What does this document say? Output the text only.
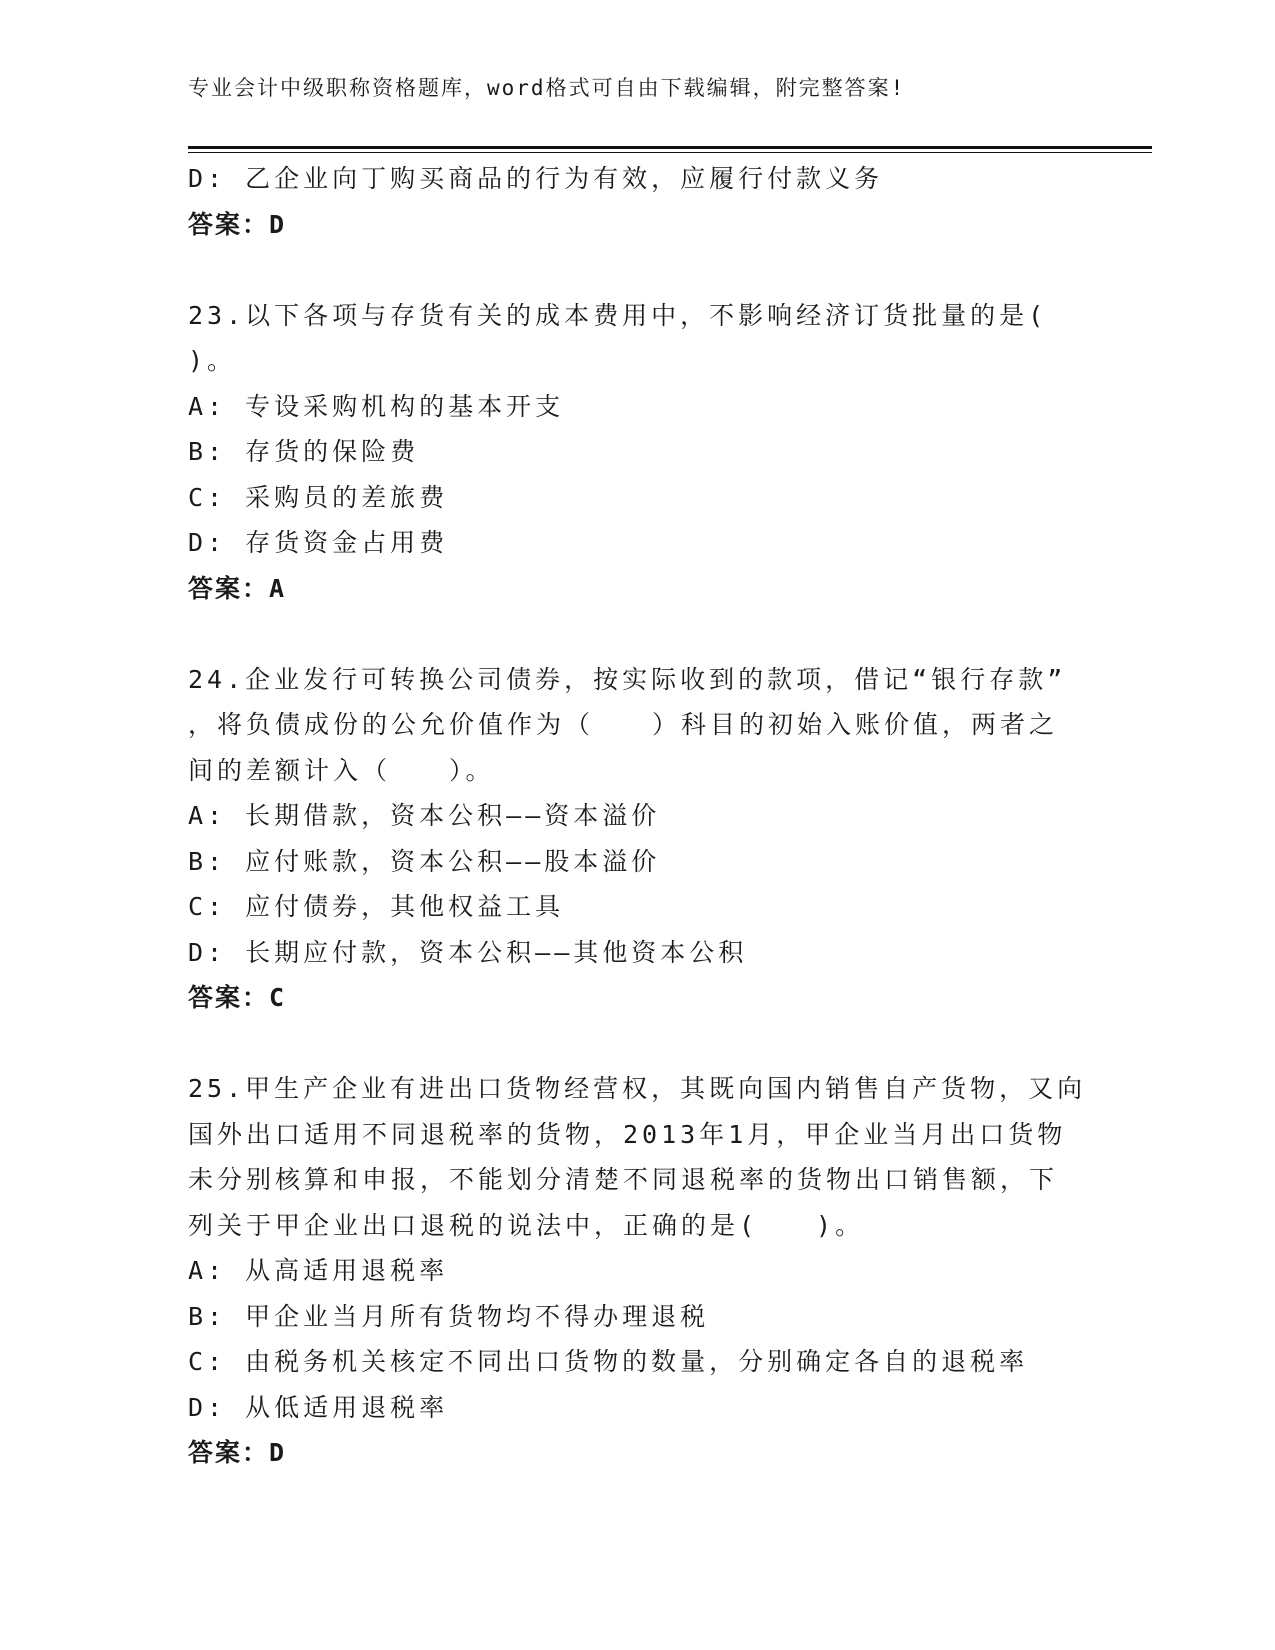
专业会计中级职称资格题库，word格式可自由下载编辑，附完整答案!
D: 乙企业向丁购买商品的行为有效，应履行付款义务
答案：D
23.以下各项与存货有关的成本费用中，不影响经济订货批量的是(
)。
A: 专设采购机构的基本开支
B: 存货的保险费
C: 采购员的差旅费
D: 存货资金占用费
答案：A
24.企业发行可转换公司债券，按实际收到的款项，借记“银行存款”
，将负债成份的公允价值作为（　　）科目的初始入账价值，两者之
间的差额计入（　　）。
A: 长期借款，资本公积——资本溢价
B: 应付账款，资本公积——股本溢价
C: 应付债券，其他权益工具
D: 长期应付款，资本公积——其他资本公积
答案：C
25.甲生产企业有进出口货物经营权，其既向国内销售自产货物，又向
国外出口适用不同退税率的货物，2013年1月，甲企业当月出口货物
未分别核算和申报，不能划分清楚不同退税率的货物出口销售额，下
列关于甲企业出口退税的说法中，正确的是(　　)。
A: 从高适用退税率
B: 甲企业当月所有货物均不得办理退税
C: 由税务机关核定不同出口货物的数量，分别确定各自的退税率
D: 从低适用退税率
答案：D
